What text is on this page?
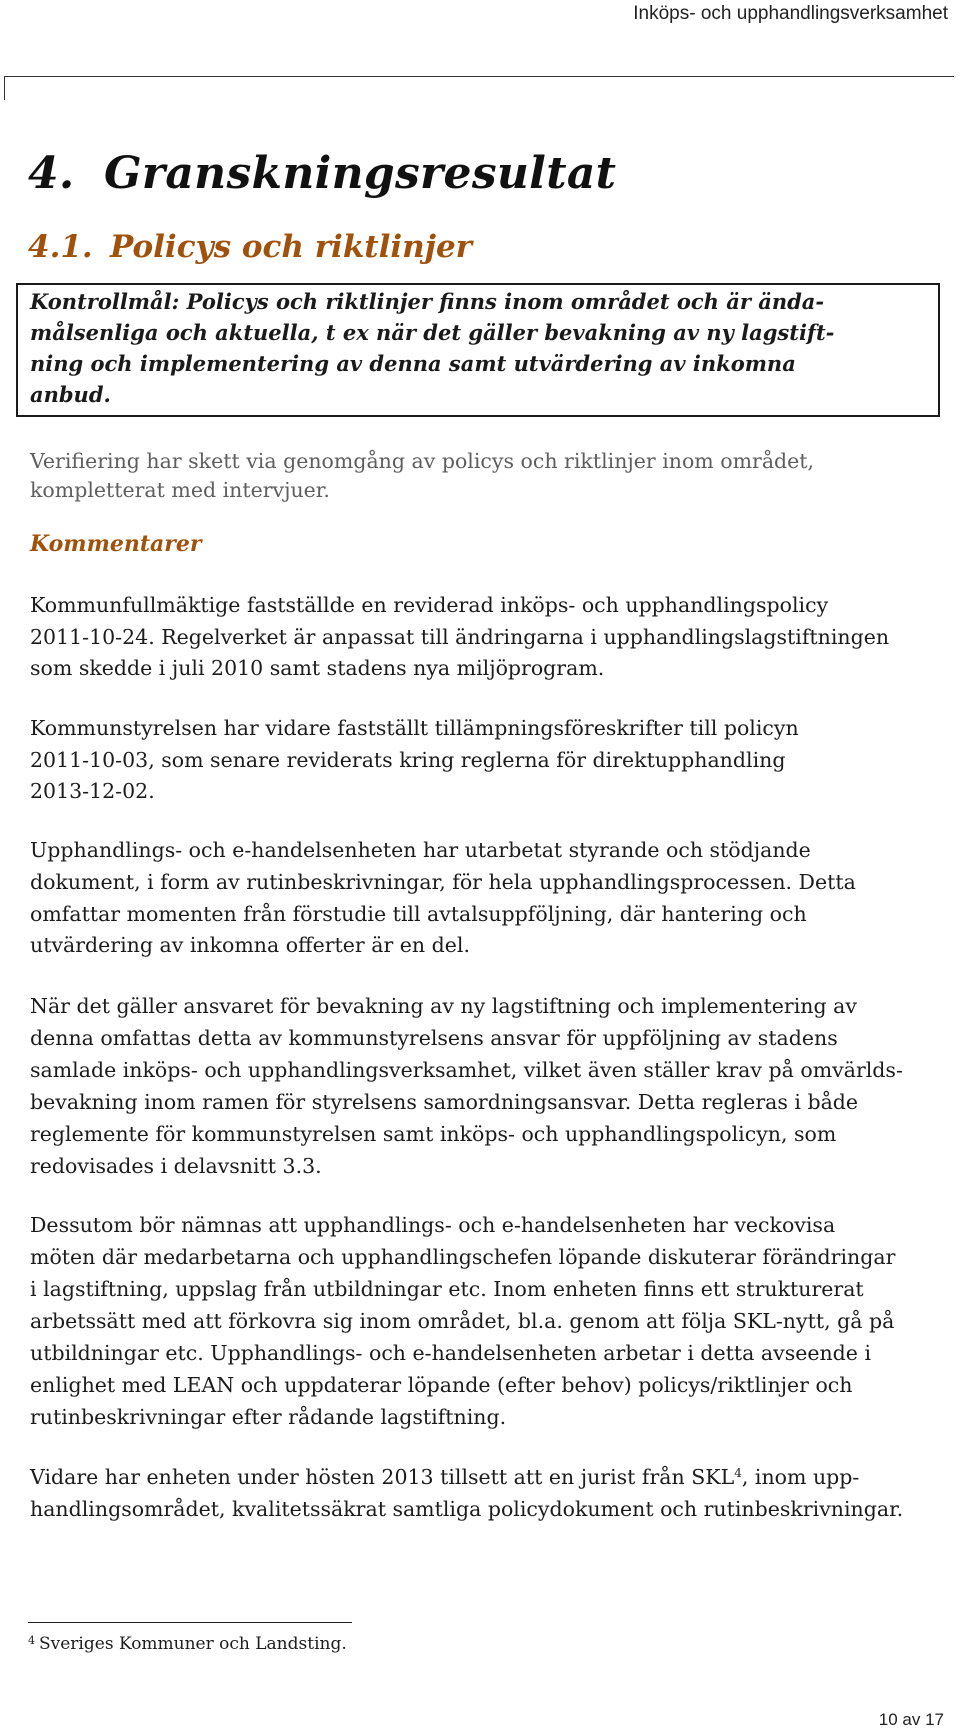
Inköps- och upphandlingsverksamhet
4. Granskningsresultat
4.1. Policys och riktlinjer

Kontrollmål: Policys och riktlinjer finns inom området och är ända-

målsenliga och aktuella, t ex när det gäller bevakning av ny lagstift-

ning och implementering av denna samt utvärdering av inkomna

anbud.

Verifiering har skett via genomgång av policys och riktlinjer inom området,

kompletterat med intervjuer.

Kommentarer

Kommunfullmäktige fastställde en reviderad inköps- och upphandlingspolicy

2011-10-24. Regelverket är anpassat till ändringarna i upphandlingslagstiftningen

som skedde i juli 2010 samt stadens nya miljöprogram.

Kommunstyrelsen har vidare fastställt tillämpningsföreskrifter till policyn

2011-10-03, som senare reviderats kring reglerna för direktupphandling

2013-12-02.

Upphandlings- och e-handelsenheten har utarbetat styrande och stödjande

dokument, i form av rutinbeskrivningar, för hela upphandlingsprocessen. Detta

omfattar momenten från förstudie till avtalsuppföljning, där hantering och

utvärdering av inkomna offerter är en del.

När det gäller ansvaret för bevakning av ny lagstiftning och implementering av

denna omfattas detta av kommunstyrelsens ansvar för uppföljning av stadens

samlade inköps- och upphandlingsverksamhet, vilket även ställer krav på omvärlds-

bevakning inom ramen för styrelsens samordningsansvar. Detta regleras i både

reglemente för kommunstyrelsen samt inköps- och upphandlingspolicyn, som

redovisades i delavsnitt 3.3.

Dessutom bör nämnas att upphandlings- och e-handelsenheten har veckovisa

möten där medarbetarna och upphandlingschefen löpande diskuterar förändringar

i lagstiftning, uppslag från utbildningar etc. Inom enheten finns ett strukturerat

arbetssätt med att förkovra sig inom området, bl.a. genom att följa SKL-nytt, gå på

utbildningar etc. Upphandlings- och e-handelsenheten arbetar i detta avseende i

enlighet med LEAN och uppdaterar löpande (efter behov) policys/riktlinjer och

rutinbeskrivningar efter rådande lagstiftning.

Vidare har enheten under hösten 2013 tillsett att en jurist från SKL$^4$, inom upp-

handlingsområdet, kvalitetssäkrat samtliga policydokument och rutinbeskrivningar.

$^4$ Sveriges Kommuner och Landsting.

10 av 17
